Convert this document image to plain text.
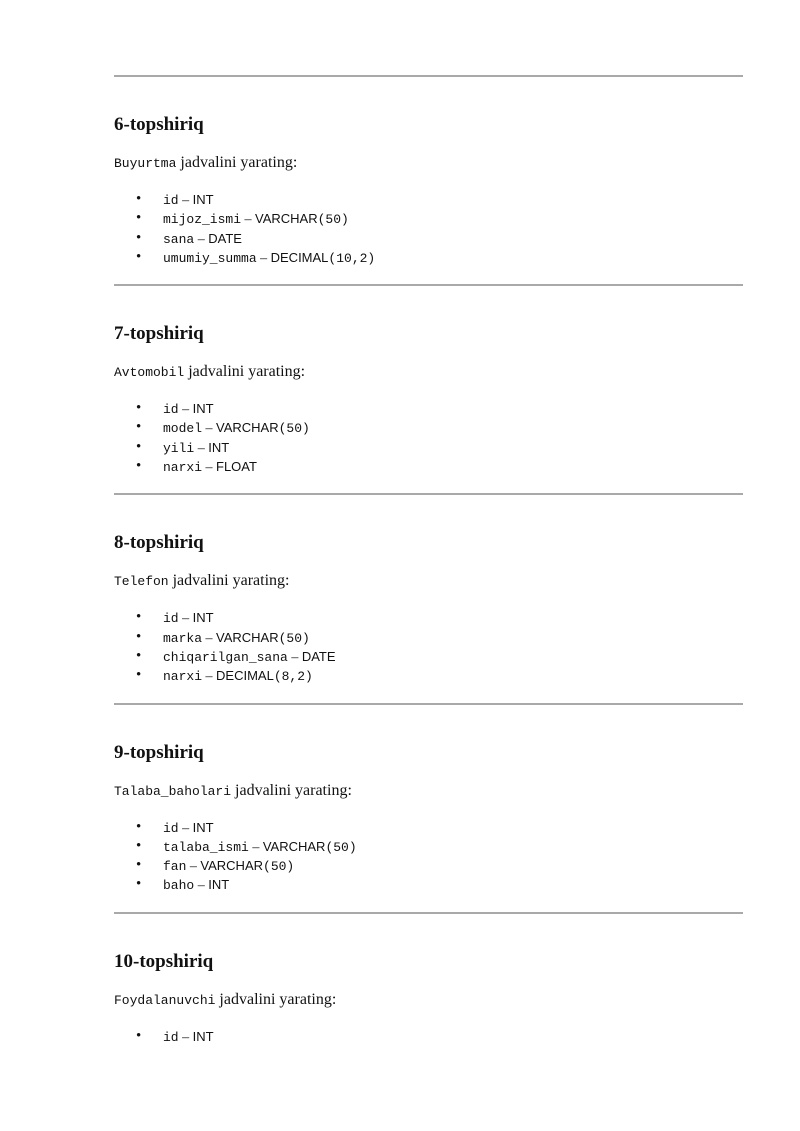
6-topshiriq

Buyurtma jadvalini yarating:

• id – INT
• mijoz_ismi – VARCHAR(50)
• sana – DATE
• umumiy_summa – DECIMAL(10,2)
7-topshiriq

Avtomobil jadvalini yarating:

• id – INT
• model – VARCHAR(50)
• yili – INT
• narxi – FLOAT
8-topshiriq

Telefon jadvalini yarating:

• id – INT
• marka – VARCHAR(50)
• chiqarilgan_sana – DATE
• narxi – DECIMAL(8,2)
9-topshiriq

Talaba_baholari jadvalini yarating:

• id – INT
• talaba_ismi – VARCHAR(50)
• fan – VARCHAR(50)
• baho – INT
10-topshiriq

Foydalanuvchi jadvalini yarating:

• id – INT
